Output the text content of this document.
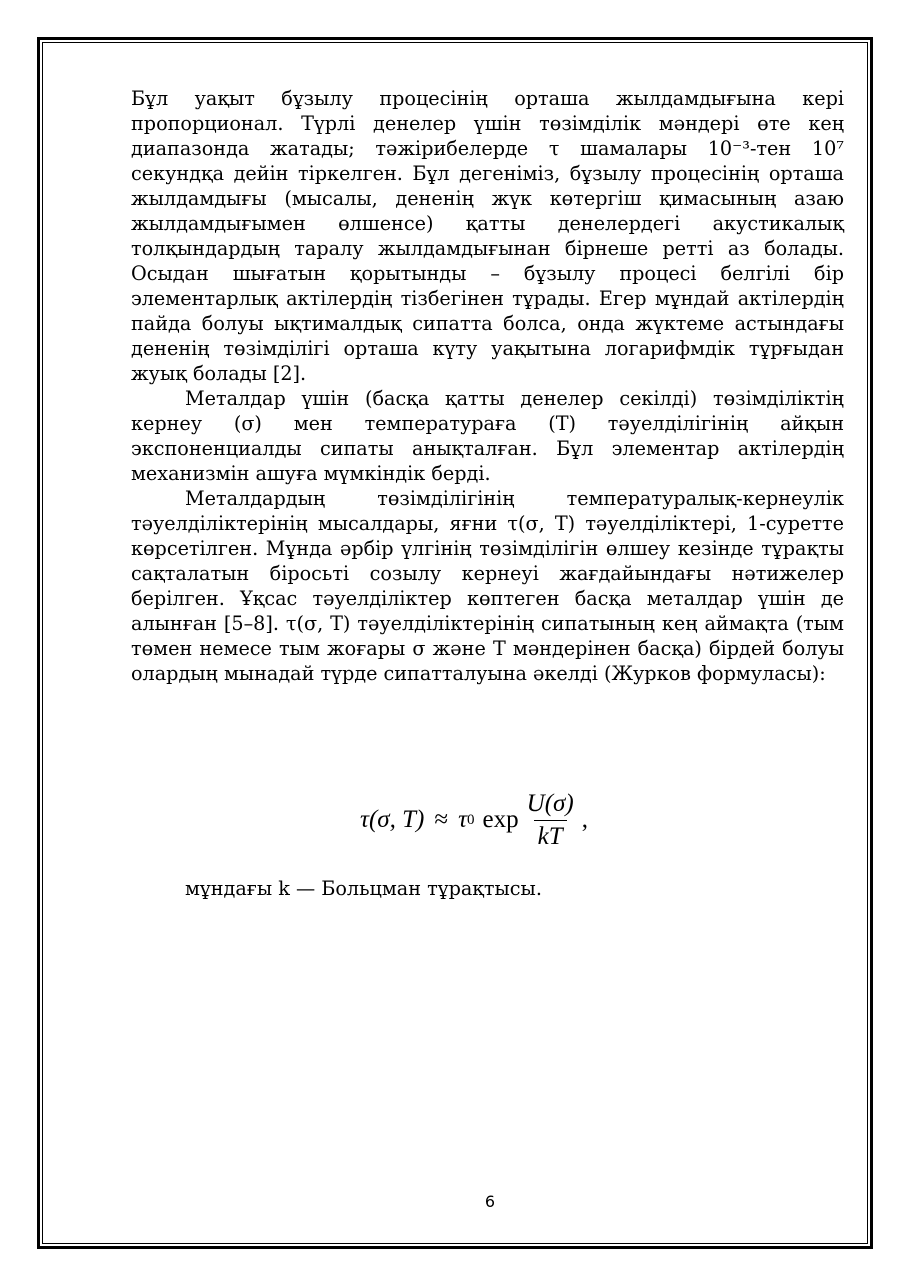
Бұл уақыт бұзылу процесінің орташа жылдамдығына кері пропорционал. Түрлі денелер үшін төзімділік мәндері өте кең диапазонда жатады; тәжірибелерде τ шамалары 10⁻³-тен 10⁷ секундқа дейін тіркелген. Бұл дегеніміз, бұзылу процесінің орташа жылдамдығы (мысалы, дененің жүк көтергіш қимасының азаю жылдамдығымен өлшенсе) қатты денелердегі акустикалық толқындардың таралу жылдамдығынан бірнеше ретті аз болады. Осыдан шығатын қорытынды – бұзылу процесі белгілі бір элементарлық актілердің тізбегінен тұрады. Егер мұндай актілердің пайда болуы ықтималдық сипатта болса, онда жүктеме астындағы дененің төзімділігі орташа күту уақытына логарифмдік тұрғыдан жуық болады [2].

Металдар үшін (басқа қатты денелер секілді) төзімділіктің кернеу (σ) мен температураға (T) тәуелділігінің айқын экспоненциалды сипаты анықталған. Бұл элементар актілердің механизмін ашуға мүмкіндік берді.

Металдардың төзімділігінің температуралық-кернеулік тәуелділіктерінің мысалдары, яғни τ(σ, T) тәуелділіктері, 1-суретте көрсетілген. Мұнда әрбір үлгінің төзімділігін өлшеу кезінде тұрақты сақталатын біросьті созылу кернеуі жағдайындағы нәтижелер берілген. Ұқсас тәуелділіктер көптеген басқа металдар үшін де алынған [5–8]. τ(σ, T) тәуелділіктерінің сипатының кең аймақта (тым төмен немесе тым жоғары σ және T мәндерінен басқа) бірдей болуы олардың мынадай түрде сипатталуына әкелді (Журков формуласы):

τ(σ, T) ≈ τ 0 $\exp \frac{U(\sigma)}{kT}$ ,
мұндағы k — Больцман тұрақтысы.
6
